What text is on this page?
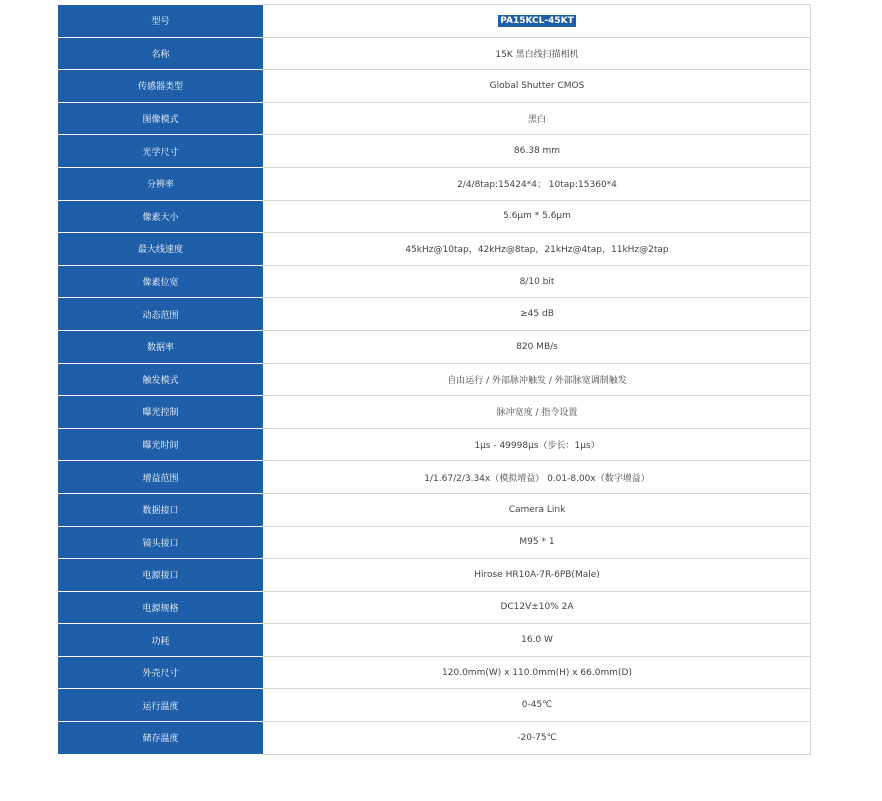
型号	PA15KCL-45KT
名称	15K 黑白线扫描相机
传感器类型	Global Shutter CMOS
图像模式	黑白
光学尺寸	86.38 mm
分辨率	2/4/8tap:15424*4； 10tap:15360*4
像素大小	5.6μm * 5.6μm
最大线速度	45kHz@10tap，42kHz@8tap，21kHz@4tap，11kHz@2tap
像素位宽	8/10 bit
动态范围	≥45 dB
数据率	820 MB/s
触发模式	自由运行 / 外部脉冲触发 / 外部脉宽调制触发
曝光控制	脉冲宽度 / 指令设置
曝光时间	1μs - 49998μs（步长：1μs）
增益范围	1/1.67/2/3.34x（模拟增益） 0.01-8.00x（数字增益）
数据接口	Camera Link
镜头接口	M95 * 1
电源接口	Hirose HR10A-7R-6PB(Male)
电源规格	DC12V±10% 2A
功耗	16.0 W
外壳尺寸	120.0mm(W) x 110.0mm(H) x 66.0mm(D)
运行温度	0-45℃
储存温度	-20-75℃
